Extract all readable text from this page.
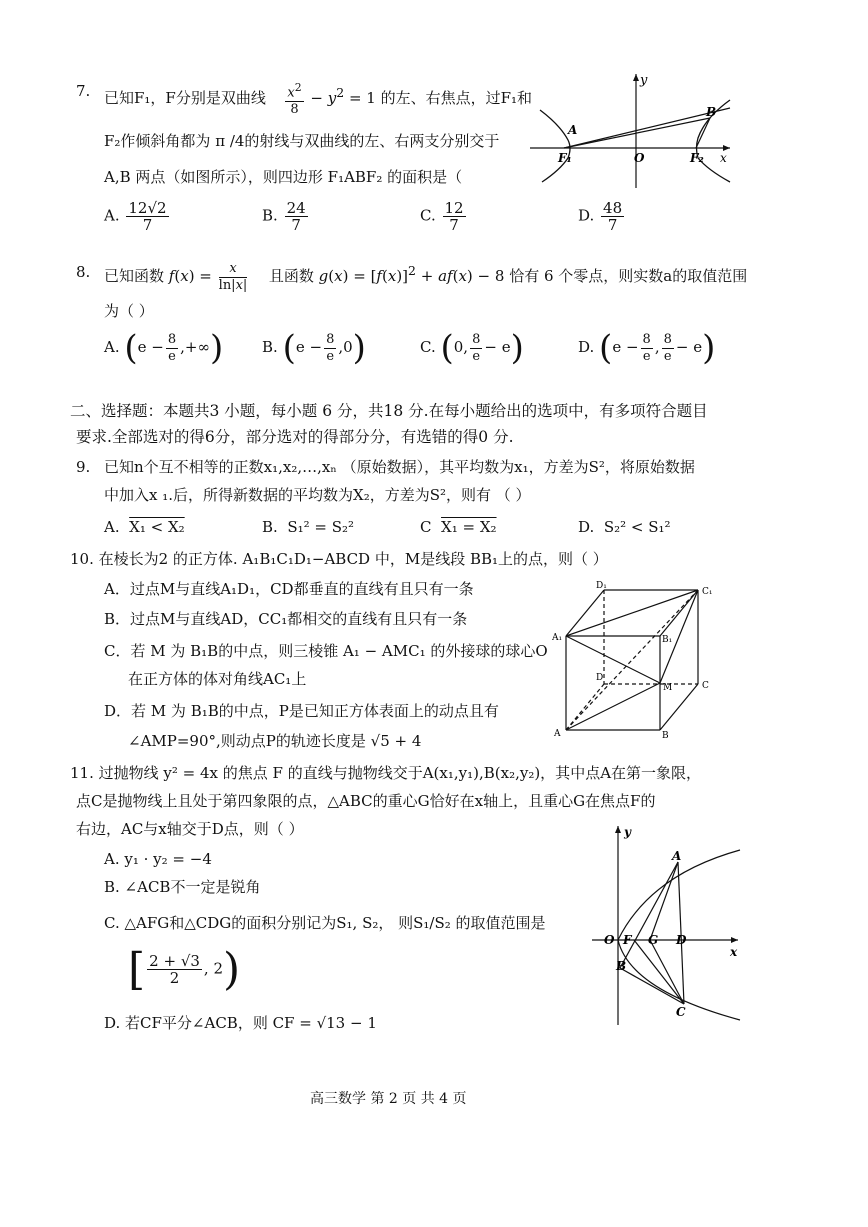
7. 已知F₁，F分别是双曲线 $\frac{x^2}{8} - y^2 = 1$ 的左、右焦点，过F₁和
F₂作倾斜角都为 π /4的射线与双曲线的左、右两支分别交于
A,B 两点（如图所示），则四边形 F₁ABF₂ 的面积是（
A. $\frac{12√2}{7}$	B. $\frac{24}{7}$	C. $\frac{12}{7}$	D. $\frac{48}{7}$
y
x
A
B
F₁	O	F₂
8. 已知函数 $f(x) = \frac{x}{\ln|x|}$ 且函数 $g(x) = [f(x)]^2 + af(x) - 8$ 恰有 6 个零点，则实数a的取值范围
为（ ）
A. ($e - \frac{8}{e}$ ,+∞)	B. $(e - \frac{8}{e} ,0)$	C. (0, $\frac{8}{e} - e$)	D. ($e - \frac{8}{e}$ , $\frac{8}{e} - e$)
二、选择题：本题共3 小题，每小题 6 分，共18 分.在每小题给出的选项中，有多项符合题目
要求.全部选对的得6分，部分选对的得部分分，有选错的得0 分.
9. 已知n个互不相等的正数x₁,x₂,…,xₙ （原始数据），其平均数为x₁，方差为S²，将原始数据
中加入x ₁.后，所得新数据的平均数为X₂，方差为S²，则有 （ ）
A. X₁ < X₂	B. S₁² = S₂²	C X₁ = X₂	D. S₂² < S₁²
10. 在棱长为2 的正方体. A₁B₁C₁D₁−ABCD 中，M是线段 BB₁上的点，则（ ）
A．过点M与直线A₁D₁，CD都垂直的直线有且只有一条
B．过点M与直线AD，CC₁都相交的直线有且只有一条
C．若 M 为 B₁B的中点，则三棱锥 A₁ − AMC₁ 的外接球的球心O
在正方体的体对角线AC₁上
D．若 M 为 B₁B的中点，P是已知正方体表面上的动点且有
∠AMP=90°,则动点P的轨迹长度是 √5 + 4
D₁
C₁
A₁	B₁
D
C
M
A	B
11. 过抛物线 y² = 4x 的焦点 F 的直线与抛物线交于A(x₁,y₁),B(x₂,y₂)，其中点A在第一象限，
点C是抛物线上且处于第四象限的点，△ABC的重心G恰好在x轴上，且重心G在焦点F的
右边，AC与x轴交于D点，则（ ）
A. y₁ · y₂ = −4
B. ∠ACB不一定是锐角
C. △AFG和△CDG的面积分别记为S₁, S₂， 则S₁/S₂ 的取值范围是
[ $\frac{2 + √3}{2}$ , 2)
D. 若CF平分∠ACB，则 CF = √13 − 1
y
x
A
O F G D
B
C
高三数学 第 2 页 共 4 页
